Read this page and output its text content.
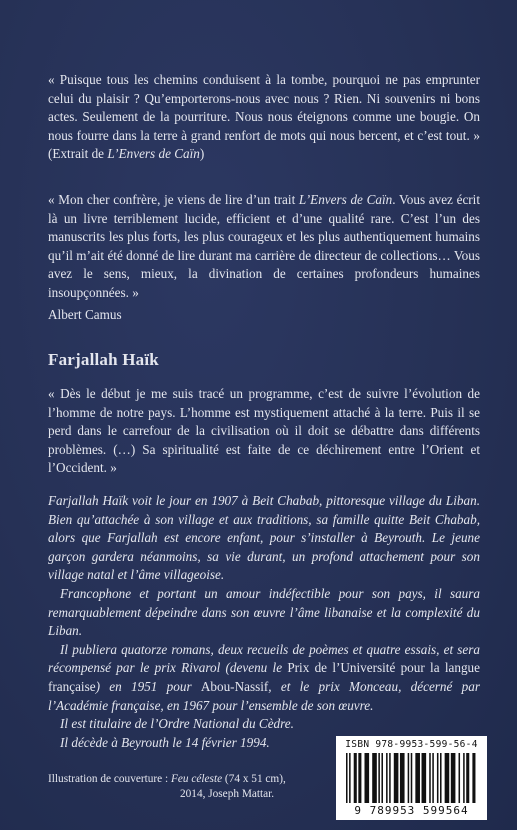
« Puisque tous les chemins conduisent à la tombe, pourquoi ne pas emprunter celui du plaisir ? Qu’emporterons-nous avec nous ? Rien. Ni souvenirs ni bons actes. Seulement de la pourriture. Nous nous éteignons comme une bougie. On nous fourre dans la terre à grand renfort de mots qui nous bercent, et c’est tout. » (Extrait de L’Envers de Caïn)
« Mon cher confrère, je viens de lire d’un trait L’Envers de Caïn. Vous avez écrit là un livre terriblement lucide, efficient et d’une qualité rare. C’est l’un des manuscrits les plus forts, les plus courageux et les plus authentiquement humains qu’il m’ait été donné de lire durant ma carrière de directeur de collections… Vous avez le sens, mieux, la divination de certaines profondeurs humaines insoupçonnées. »
Albert Camus
Farjallah Haïk
« Dès le début je me suis tracé un programme, c’est de suivre l’évolution de l’homme de notre pays. L’homme est mystiquement attaché à la terre. Puis il se perd dans le carrefour de la civilisation où il doit se débattre dans différents problèmes. (…) Sa spiritualité est faite de ce déchirement entre l’Orient et l’Occident. »

Farjallah Haïk voit le jour en 1907 à Beit Chabab, pittoresque village du Liban. Bien qu’attachée à son village et aux traditions, sa famille quitte Beit Chabab, alors que Farjallah est encore enfant, pour s’installer à Beyrouth. Le jeune garçon gardera néanmoins, sa vie durant, un profond attachement pour son village natal et l’âme villageoise.

Francophone et portant un amour indéfectible pour son pays, il saura remarquablement dépeindre dans son œuvre l’âme libanaise et la complexité du Liban.

Il publiera quatorze romans, deux recueils de poèmes et quatre essais, et sera récompensé par le prix Rivarol (devenu le Prix de l’Université pour la langue française) en 1951 pour Abou-Nassif, et le prix Monceau, décerné par l’Académie française, en 1967 pour l’ensemble de son œuvre.

Il est titulaire de l’Ordre National du Cèdre.

Il décède à Beyrouth le 14 février 1994.

Illustration de couverture : Feu céleste (74 x 51 cm),
2014, Joseph Mattar.
ISBN 978-9953-599-56-4
9 789953 599564
